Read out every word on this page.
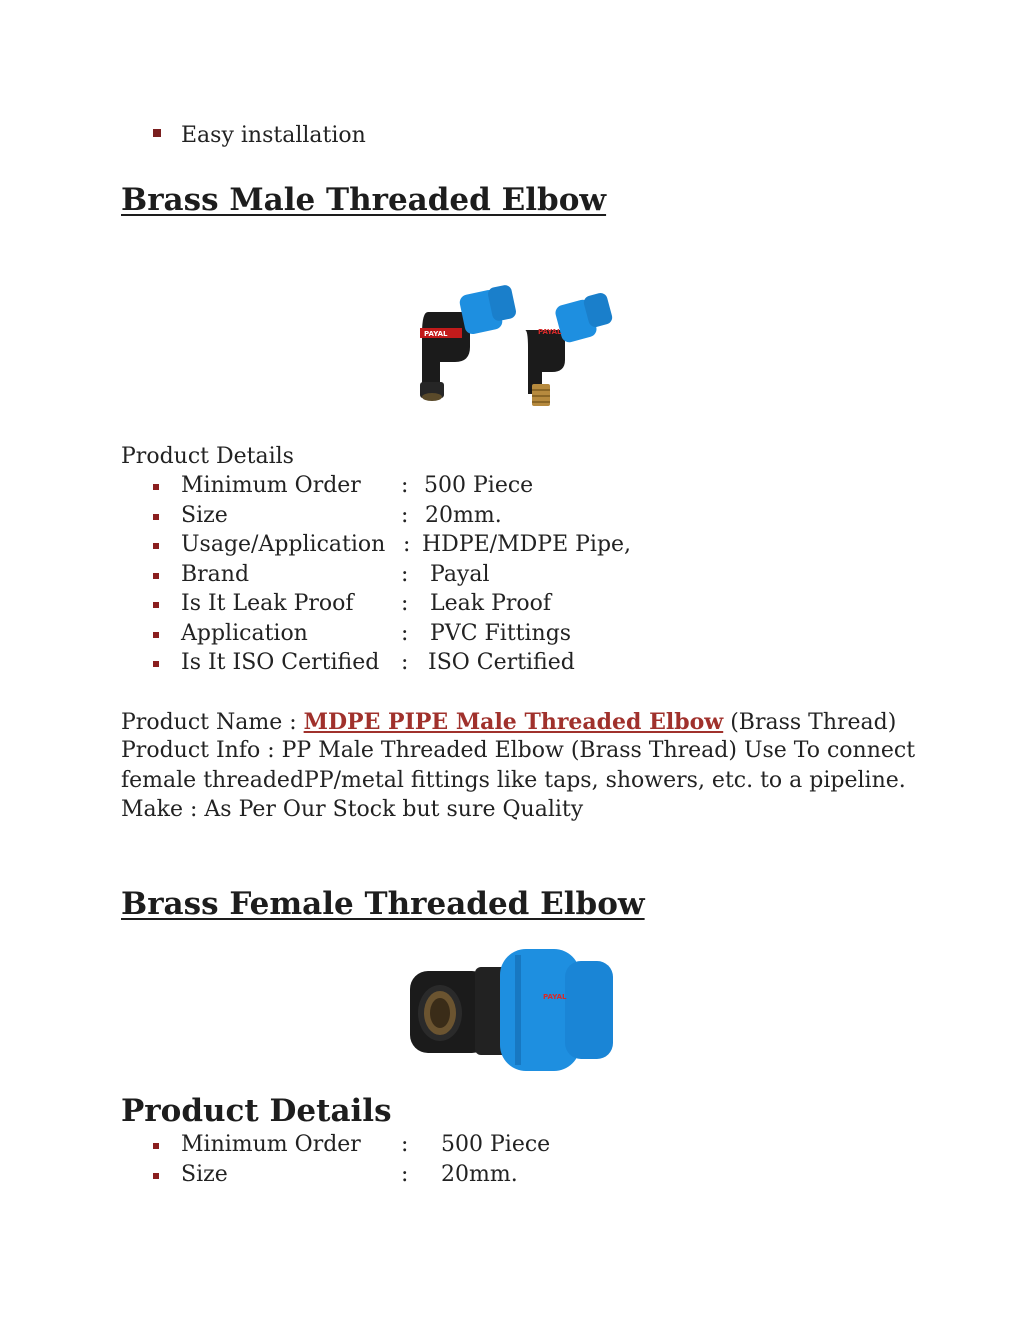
Easy installation
Brass Male Threaded Elbow
PAYAL	PAYAL
Product Details
Minimum Order : 500 Piece
Size	: 20mm.
Usage/Application : HDPE/MDPE Pipe,
Brand	: Payal
Is It Leak Proof : Leak Proof
Application	: PVC Fittings
Is It ISO Certified : ISO Certified
Product Name : MDPE PIPE Male Threaded Elbow (Brass Thread)
Product Info : PP Male Threaded Elbow (Brass Thread) Use To connect
female threadedPP/metal fittings like taps, showers, etc. to a pipeline.
Make : As Per Our Stock but sure Quality
Brass Female Threaded Elbow
PAYAL
Product Details
Minimum Order : 500 Piece
Size	: 20mm.
